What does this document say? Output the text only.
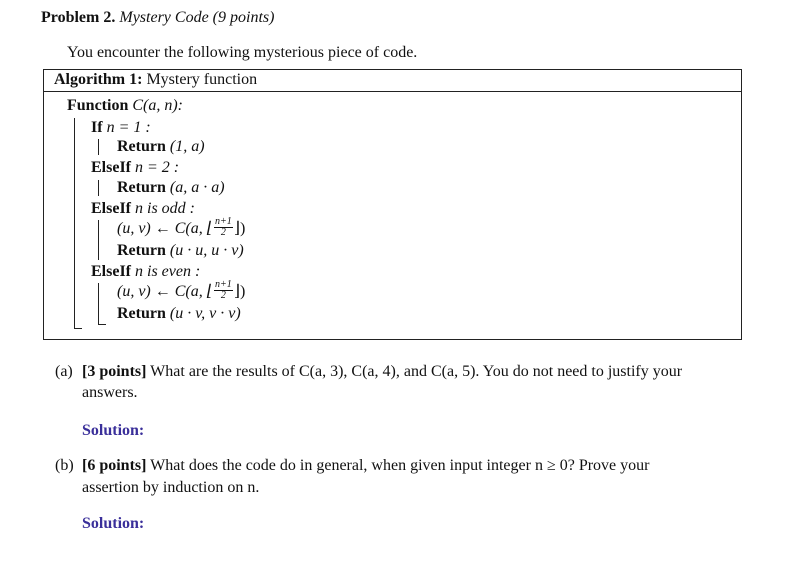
Problem 2. Mystery Code (9 points)
You encounter the following mysterious piece of code.
Algorithm 1: Mystery function
Function C(a, n):
If n = 1 :
Return (1, a)
ElseIf n = 2 :
Return (a, a · a)
ElseIf n is odd :
(u, v) ← C(a, ⌊ $\frac{n+1}{2}$ ⌋)
Return (u · u, u · v)
ElseIf n is even :
(u, v) ← C(a, ⌊ $\frac{n+1}{2}$ ⌋)
Return (u · v, v · v)
(a) [3 points] What are the results of C(a, 3), C(a, 4), and C(a, 5). You do not need to justify your
answers.
Solution:
(b) [6 points] What does the code do in general, when given input integer n ≥ 0? Prove your
assertion by induction on n.
Solution:
